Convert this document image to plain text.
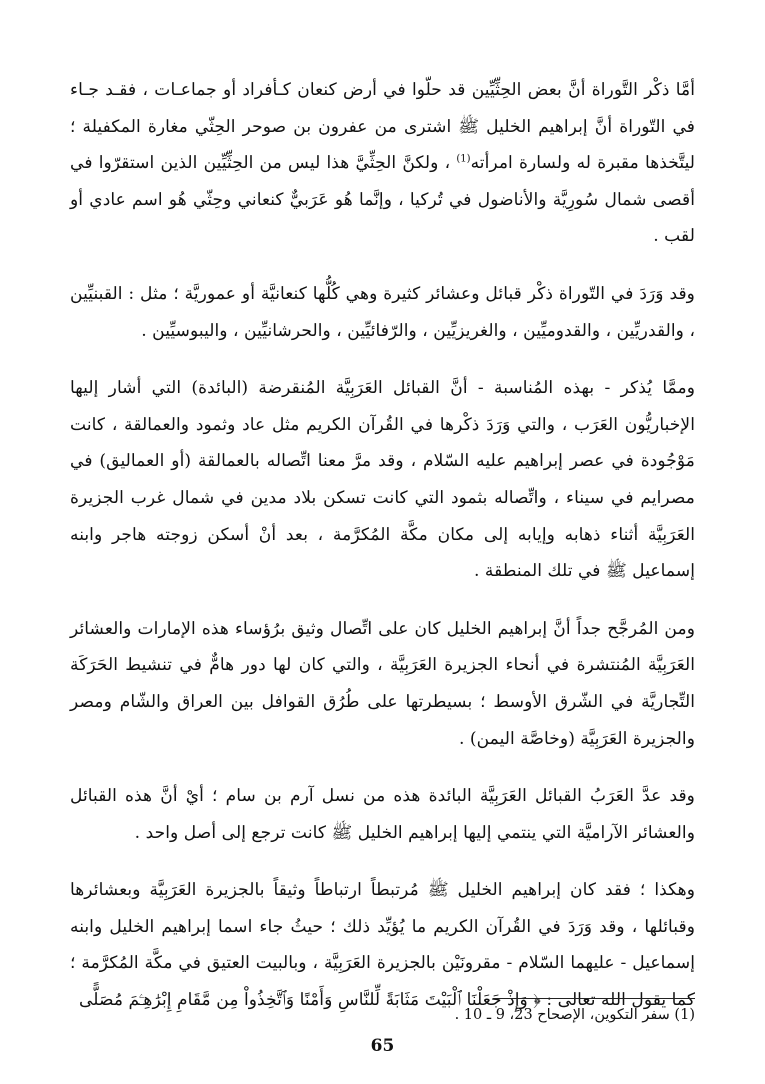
أمَّا ذكْر التَّوراة أنَّ بعض الحِثِّيِّين قد حلّوا في أرض كنعان كـأفراد أو جماعـات ، فقـد جـاء في التّوراة أنَّ إبراهيم الخليل ﷺ اشترى من عفرون بن صوحر الحِثّي مغارة المكفيلة ؛ ليتَّخذها مقبرة له ولسارة امرأته$^{(1)}$ ، ولكنَّ الحِثِّيَّ هذا ليس من الحِثِّيِّين الذين استقرّوا في أقصى شمال سُورِيَّة والأناضول في تُركيا ، وإنَّما هُو عَرَبيٌّ كنعاني وحِثّي هُو اسم عادي أو لقب .

وقد وَرَدَ في التّوراة ذكْر قبائل وعشائر كثيرة وهي كُلُّها كنعانيَّة أو عموريَّة ؛ مثل : القبنيِّين ، والقدريِّين ، والقدوميِّين ، والغريزيِّين ، والرّفائيِّين ، والحرشانيِّين ، واليبوسيِّين .

وممَّا يُذكر - بهذه المُناسبة - أنَّ القبائل العَرَبِيَّة المُنقرضة (البائدة) التي أشار إليها الإخباريُّون العَرَب ، والتي وَرَدَ ذكْرها في القُرآن الكريم مثل عاد وثمود والعمالقة ، كانت مَوْجُودة في عصر إبراهيم عليه السّلام ، وقد مرَّ معنا اتِّصاله بالعمالقة (أو العماليق) في مصرايم في سيناء ، واتِّصاله بثمود التي كانت تسكن بلاد مدين في شمال غرب الجزيرة العَرَبِيَّة أثناء ذهابه وإيابه إلى مكان مكَّة المُكرَّمة ، بعد أنْ أسكن زوجته هاجر وابنه إسماعيل ﷺ في تلك المنطقة .

ومن المُرجَّح جداً أنَّ إبراهيم الخليل كان على اتِّصال وثيق برُؤساء هذه الإمارات والعشائر العَرَبِيَّة المُنتشرة في أنحاء الجزيرة العَرَبِيَّة ، والتي كان لها دور هامٌّ في تنشيط الحَرَكَة التِّجاريَّة في الشّرق الأوسط ؛ بسيطرتها على طُرُق القوافل بين العراق والشّام ومصر والجزيرة العَرَبِيَّة (وخاصَّة اليمن) .

وقد عدَّ العَرَبُ القبائل العَرَبِيَّة البائدة هذه من نسل آرم بن سام ؛ أيْ أنَّ هذه القبائل والعشائر الآراميَّة التي ينتمي إليها إبراهيم الخليل ﷺ كانت ترجع إلى أصل واحد .

وهكذا ؛ فقد كان إبراهيم الخليل ﷺ مُرتبطاً ارتباطاً وثيقاً بالجزيرة العَرَبِيَّة وبعشائرها وقبائلها ، وقد وَرَدَ في القُرآن الكريم ما يُؤيِّد ذلك ؛ حيثُ جاء اسما إبراهيم الخليل وابنه إسماعيل - عليهما السّلام - مقرونَيْن بالجزيرة العَرَبِيَّة ، وبالبيت العتيق في مكَّة المُكرَّمة ؛ كما يقول الله تعالى : ﴿ وَإِذْ جَعَلْنَا ٱلْبَيْتَ مَثَابَةً لِّلنَّاسِ وَأَمْنًا وَٱتَّخِذُواْ مِن مَّقَامِ إِبْرَٰهِـۧمَ مُصَلًّى

(1) سفر التكوين، الإصحاح 23، 9 ـ 10 .
65
